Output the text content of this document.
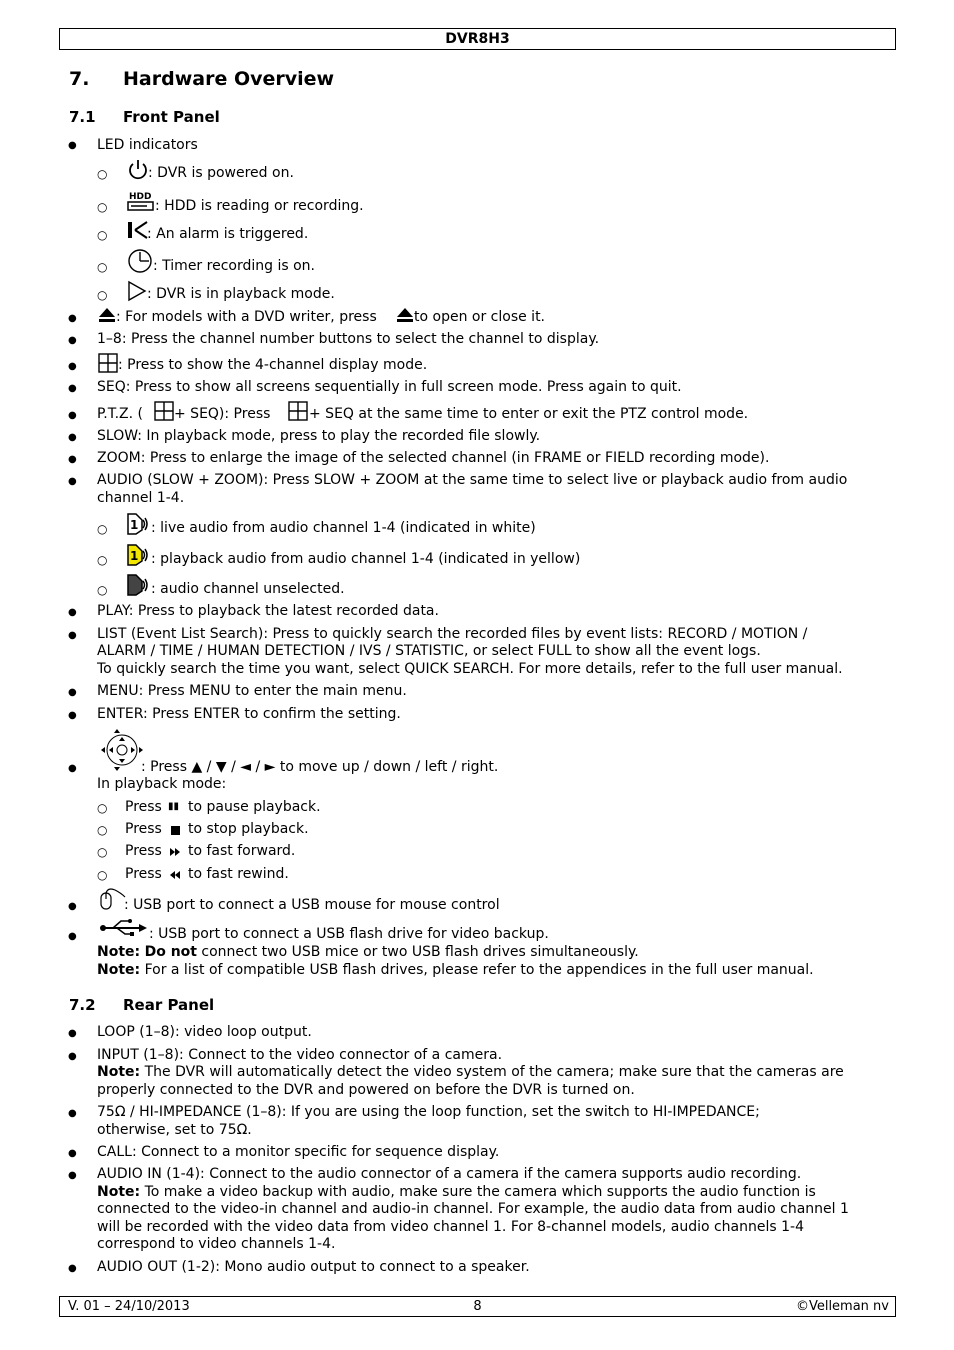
DVR8H3
7. Hardware Overview
7.1 Front Panel
● LED indicators
○	: DVR is powered on.
○
HDD
: HDD is reading or recording.
○	: An alarm is triggered.
○	: Timer recording is on.
○	: DVR is in playback mode.
●	: For models with a DVD writer, press	to open or close it.
● 1–8: Press the channel number buttons to select the channel to display.
●	: Press to show the 4-channel display mode.
● SEQ: Press to show all screens sequentially in full screen mode. Press again to quit.
● P.T.Z. ( + SEQ): Press	+ SEQ at the same time to enter or exit the PTZ control mode.
● SLOW: In playback mode, press to play the recorded file slowly.
● ZOOM: Press to enlarge the image of the selected channel (in FRAME or FIELD recording mode).
● AUDIO (SLOW + ZOOM): Press SLOW + ZOOM at the same time to select live or playback audio from audio
channel 1-4.
○ 1 : live audio from audio channel 1-4 (indicated in white)
○ 1 : playback audio from audio channel 1-4 (indicated in yellow)
○	: audio channel unselected.
● PLAY: Press to playback the latest recorded data.
● LIST (Event List Search): Press to quickly search the recorded files by event lists: RECORD / MOTION /
ALARM / TIME / HUMAN DETECTION / IVS / STATISTIC, or select FULL to show all the event logs.
To quickly search the time you want, select QUICK SEARCH. For more details, refer to the full user manual.
● MENU: Press MENU to enter the main menu.
● ENTER: Press ENTER to confirm the setting.
●	: Press ▲ / ▼ / ◄ / ► to move up / down / left / right.
In playback mode:
○ Press ▮▮ to pause playback.
○ Press to stop playback.
○ Press to fast forward.
○ Press to fast rewind.
●	: USB port to connect a USB mouse for mouse control
●	: USB port to connect a USB flash drive for video backup.
Note: Do not connect two USB mice or two USB flash drives simultaneously.
Note: For a list of compatible USB flash drives, please refer to the appendices in the full user manual.
7.2 Rear Panel
● LOOP (1–8): video loop output.
● INPUT (1–8): Connect to the video connector of a camera.
Note: The DVR will automatically detect the video system of the camera; make sure that the cameras are
properly connected to the DVR and powered on before the DVR is turned on.
● 75Ω / HI-IMPEDANCE (1–8): If you are using the loop function, set the switch to HI-IMPEDANCE;
otherwise, set to 75Ω.
● CALL: Connect to a monitor specific for sequence display.
● AUDIO IN (1-4): Connect to the audio connector of a camera if the camera supports audio recording.
Note: To make a video backup with audio, make sure the camera which supports the audio function is
connected to the video-in channel and audio-in channel. For example, the audio data from audio channel 1
will be recorded with the video data from video channel 1. For 8-channel models, audio channels 1-4
correspond to video channels 1-4.
● AUDIO OUT (1-2): Mono audio output to connect to a speaker.
V. 01 – 24/10/2013	8	©Velleman nv
